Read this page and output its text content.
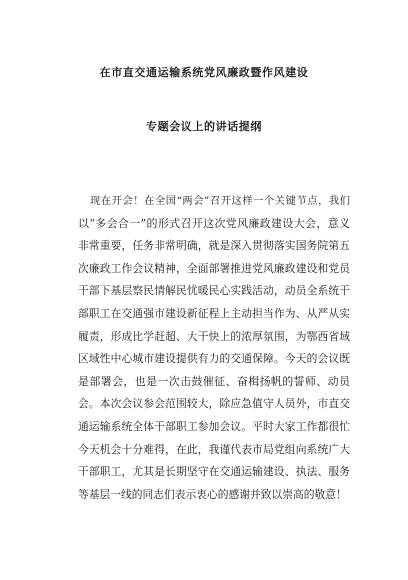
在市直交通运输系统党风廉政暨作风建设
专题会议上的讲话提纲
现在开会！在全国“两会”召开这样一个关键节点，我们
以“多会合一”的形式召开这次党风廉政建设大会，意义
非常重要，任务非常明确，就是深入贯彻落实国务院第五
次廉政工作会议精神，全面部署推进党风廉政建设和党员
干部下基层察民情解民忧暖民心实践活动，动员全系统干
部职工在交通强市建设新征程上主动担当作为、从严从实
履责，形成比学赶超、大干快上的浓厚氛围，为鄂西省域
区域性中心城市建设提供有力的交通保障。今天的会议既
是部署会，也是一次击鼓催征、奋楫扬帆的誓师、动员
会。本次会议参会范围较大，除应急值守人员外，市直交
通运输系统全体干部职工参加会议。平时大家工作都很忙
今天机会十分难得，在此，我谨代表市局党组向系统广大
干部职工，尤其是长期坚守在交通运输建设、执法、服务
等基层一线的同志们表示衷心的感谢并致以崇高的敬意！
